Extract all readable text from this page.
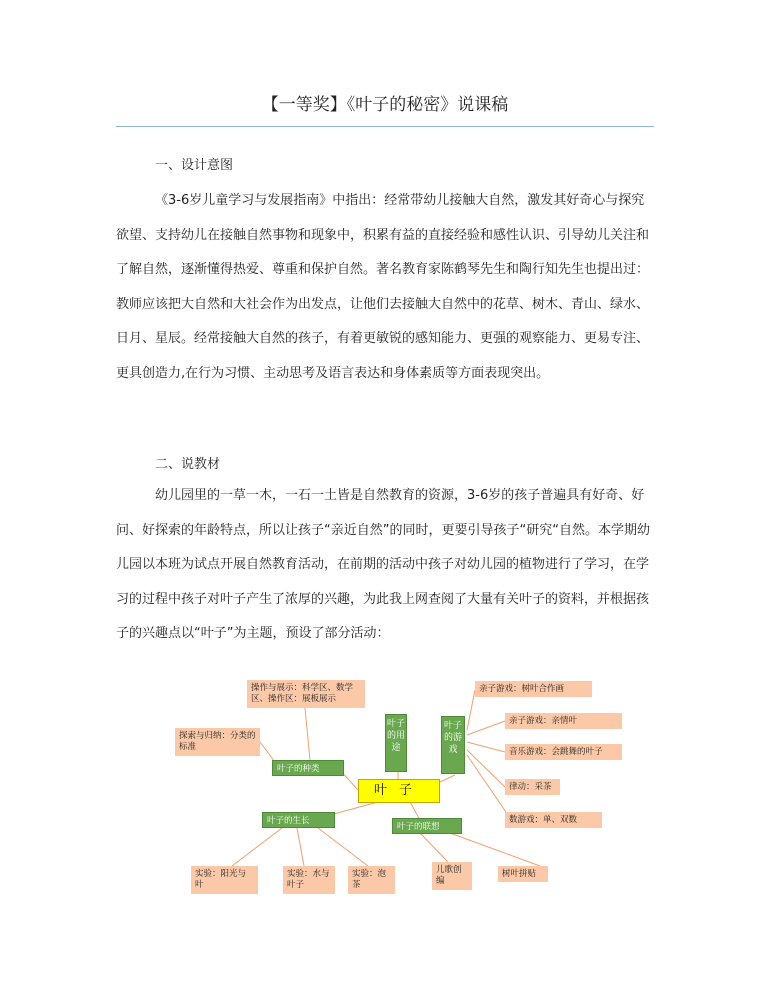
【一等奖】《叶子的秘密》说课稿
一、设计意图

《3-6岁儿童学习与发展指南》中指出：经常带幼儿接触大自然，激发其好奇心与探究欲望、支持幼儿在接触自然事物和现象中，积累有益的直接经验和感性认识、引导幼儿关注和了解自然，逐渐懂得热爱、尊重和保护自然。著名教育家陈鹤琴先生和陶行知先生也提出过：教师应该把大自然和大社会作为出发点，让他们去接触大自然中的花草、树木、青山、绿水、日月、星辰。经常接触大自然的孩子，有着更敏锐的感知能力、更强的观察能力、更易专注、更具创造力,在行为习惯、主动思考及语言表达和身体素质等方面表现突出。

二、说教材

幼儿园里的一草一木，一石一土皆是自然教育的资源，3-6岁的孩子普遍具有好奇、好问、好探索的年龄特点，所以让孩子“亲近自然”的同时，更要引导孩子“研究“自然。本学期幼儿园以本班为试点开展自然教育活动，在前期的活动中孩子对幼儿园的植物进行了学习，在学习的过程中孩子对叶子产生了浓厚的兴趣，为此我上网查阅了大量有关叶子的资料，并根据孩子的兴趣点以“叶子”为主题，预设了部分活动：

操作与展示：科学区、数学区、操作区：展板展示
探索与归纳：分类的标准
叶子的种类
叶子的用途
叶子的游戏
叶子
亲子游戏：树叶合作画
亲子游戏：亲情叶
音乐游戏：会跳舞的叶子
律动：采茶
数游戏：单、双数
叶子的生长
叶子的联想
实验：阳光与叶
实验：水与叶子
实验：泡茶
儿歌创编
树叶拼贴
